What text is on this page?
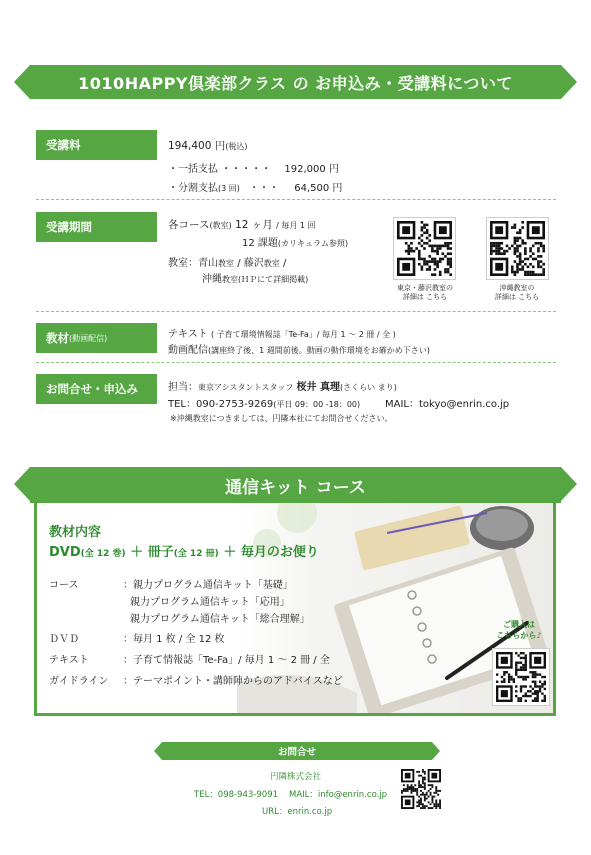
1010HAPPY倶楽部クラス の お申込み・受講料について
受講料	194,400 円(税込)
・一括支払 ・・・・・ 192,000 円
・分割支払(3 回) ・・・ 64,500 円
受講期間	各コース(教室) 12 ヶ月 / 毎月 1 回
12 課題(カリキュラム参照)
教室：青山教室 / 藤沢教室 /
沖縄教室(ＨＰにて詳細掲載)
東京・藤沢教室の
詳細は こちら
沖縄教室の
詳細は こちら
教材 (動画配信)	テキスト ( 子育て環境情報誌「Te-Fa」/ 毎月 1 ～ 2 冊 / 全 )
動画配信(講座終了後、1 週間前後。動画の動作環境をお確かめ下さい)
お問合せ・申込み	担当：東京アシスタントスタッフ 桜井 真理(さくらい まり)
TEL：090-2753-9269(平日 09：00 -18：00) MAIL：tokyo@enrin.co.jp
※沖縄教室につきましては、円隣本社にてお問合せください。
通信キット コース
教材内容
DVD(全 12 巻) ＋ 冊子(全 12 冊) ＋ 毎月のお便り
コース	：親力プログラム通信キット「基礎」
親力プログラム通信キット「応用」
親力プログラム通信キット「総合理解」
ＤＶＤ	：毎月 1 枚 / 全 12 枚
テキスト	：子育て情報誌「Te-Fa」/ 毎月 1 ～ 2 冊 / 全
ガイドライン ：テーマポイント・講師陣からのアドバイスなど
ご購入は
こちらから♪
お問合せ
円隣株式会社
TEL：098-943-9091 MAIL：info@enrin.co.jp
URL：enrin.co.jp
